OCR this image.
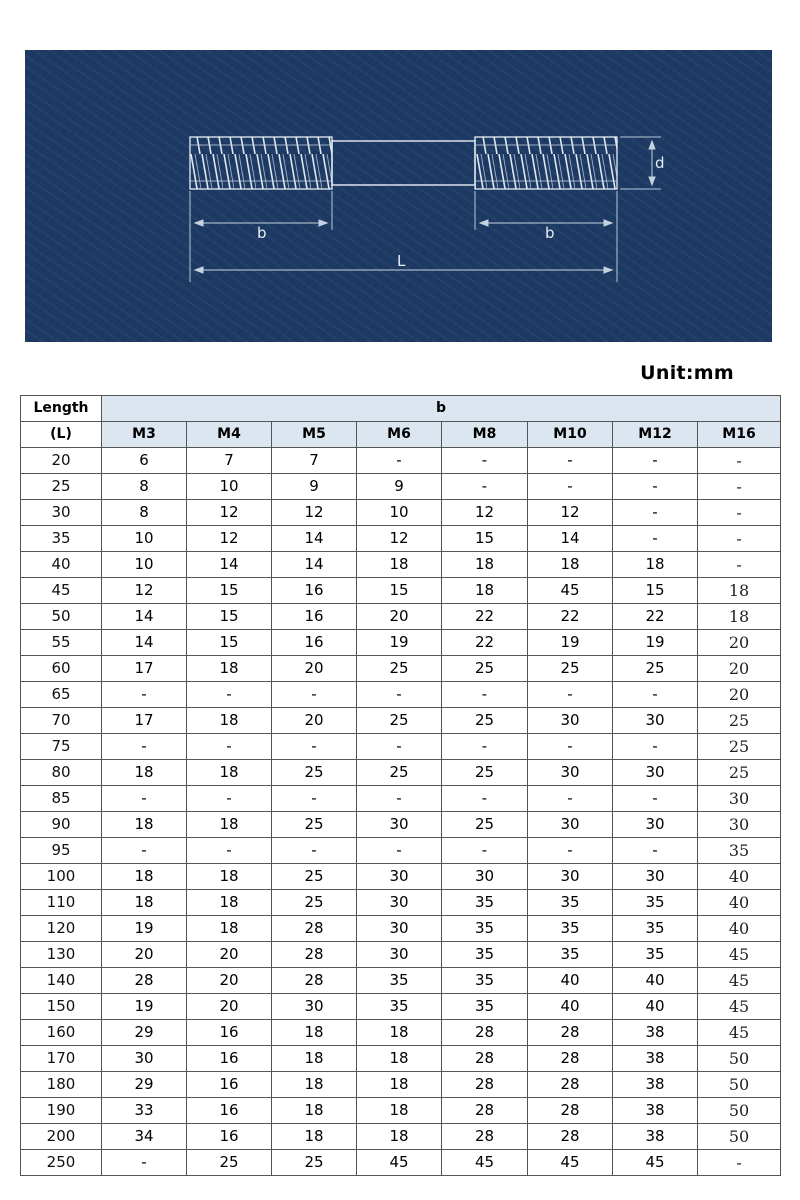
b	b
L
d
Unit:mm
Length	b							
(L)	M3	M4	M5	M6	M8	M10	M12	M16
20	6	7	7	-	-	-	-	-
25	8	10	9	9	-	-	-	-
30	8	12	12	10	12	12	-	-
35	10	12	14	12	15	14	-	-
40	10	14	14	18	18	18	18	-
45	12	15	16	15	18	45	15	18
50	14	15	16	20	22	22	22	18
55	14	15	16	19	22	19	19	20
60	17	18	20	25	25	25	25	20
65	-	-	-	-	-	-	-	20
70	17	18	20	25	25	30	30	25
75	-	-	-	-	-	-	-	25
80	18	18	25	25	25	30	30	25
85	-	-	-	-	-	-	-	30
90	18	18	25	30	25	30	30	30
95	-	-	-	-	-	-	-	35
100	18	18	25	30	30	30	30	40
110	18	18	25	30	35	35	35	40
120	19	18	28	30	35	35	35	40
130	20	20	28	30	35	35	35	45
140	28	20	28	35	35	40	40	45
150	19	20	30	35	35	40	40	45
160	29	16	18	18	28	28	38	45
170	30	16	18	18	28	28	38	50
180	29	16	18	18	28	28	38	50
190	33	16	18	18	28	28	38	50
200	34	16	18	18	28	28	38	50
250	-	25	25	45	45	45	45	-
